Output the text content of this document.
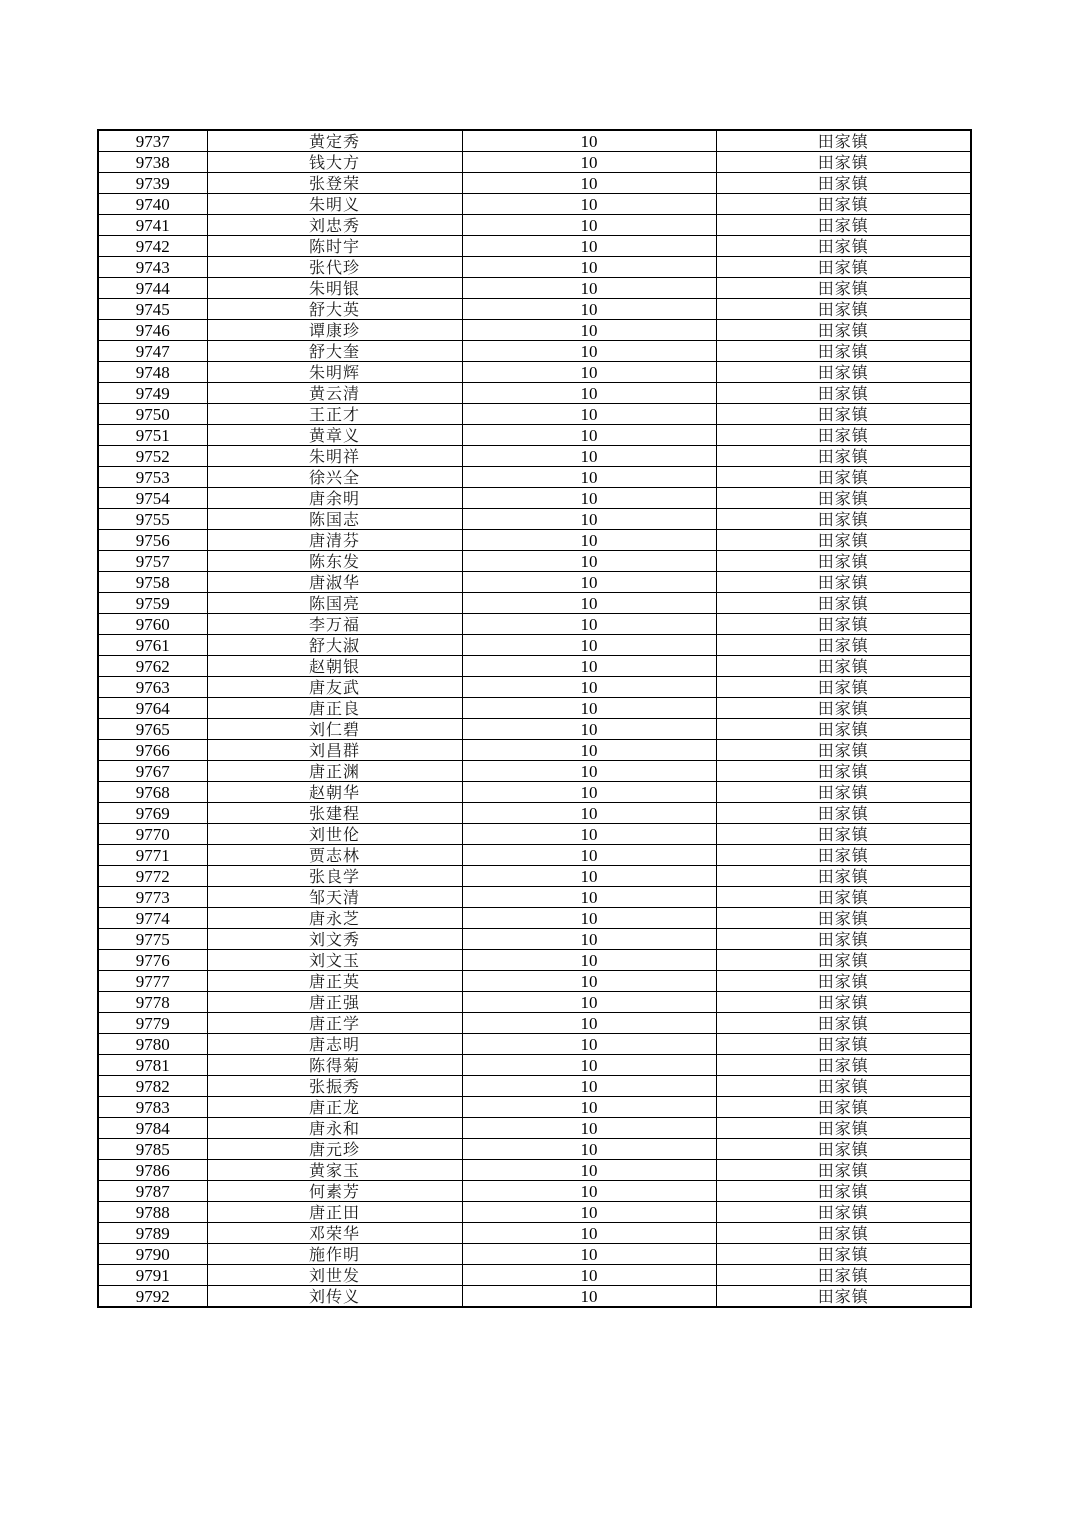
9737	黄定秀	10	田家镇
9738	钱大方	10	田家镇
9739	张登荣	10	田家镇
9740	朱明义	10	田家镇
9741	刘忠秀	10	田家镇
9742	陈时宇	10	田家镇
9743	张代珍	10	田家镇
9744	朱明银	10	田家镇
9745	舒大英	10	田家镇
9746	谭康珍	10	田家镇
9747	舒大奎	10	田家镇
9748	朱明辉	10	田家镇
9749	黄云清	10	田家镇
9750	王正才	10	田家镇
9751	黄章义	10	田家镇
9752	朱明祥	10	田家镇
9753	徐兴全	10	田家镇
9754	唐余明	10	田家镇
9755	陈国志	10	田家镇
9756	唐清芬	10	田家镇
9757	陈东发	10	田家镇
9758	唐淑华	10	田家镇
9759	陈国亮	10	田家镇
9760	李万福	10	田家镇
9761	舒大淑	10	田家镇
9762	赵朝银	10	田家镇
9763	唐友武	10	田家镇
9764	唐正良	10	田家镇
9765	刘仁碧	10	田家镇
9766	刘昌群	10	田家镇
9767	唐正渊	10	田家镇
9768	赵朝华	10	田家镇
9769	张建程	10	田家镇
9770	刘世伦	10	田家镇
9771	贾志林	10	田家镇
9772	张良学	10	田家镇
9773	邹天清	10	田家镇
9774	唐永芝	10	田家镇
9775	刘文秀	10	田家镇
9776	刘文玉	10	田家镇
9777	唐正英	10	田家镇
9778	唐正强	10	田家镇
9779	唐正学	10	田家镇
9780	唐志明	10	田家镇
9781	陈得菊	10	田家镇
9782	张振秀	10	田家镇
9783	唐正龙	10	田家镇
9784	唐永和	10	田家镇
9785	唐元珍	10	田家镇
9786	黄家玉	10	田家镇
9787	何素芳	10	田家镇
9788	唐正田	10	田家镇
9789	邓荣华	10	田家镇
9790	施作明	10	田家镇
9791	刘世发	10	田家镇
9792	刘传义	10	田家镇
